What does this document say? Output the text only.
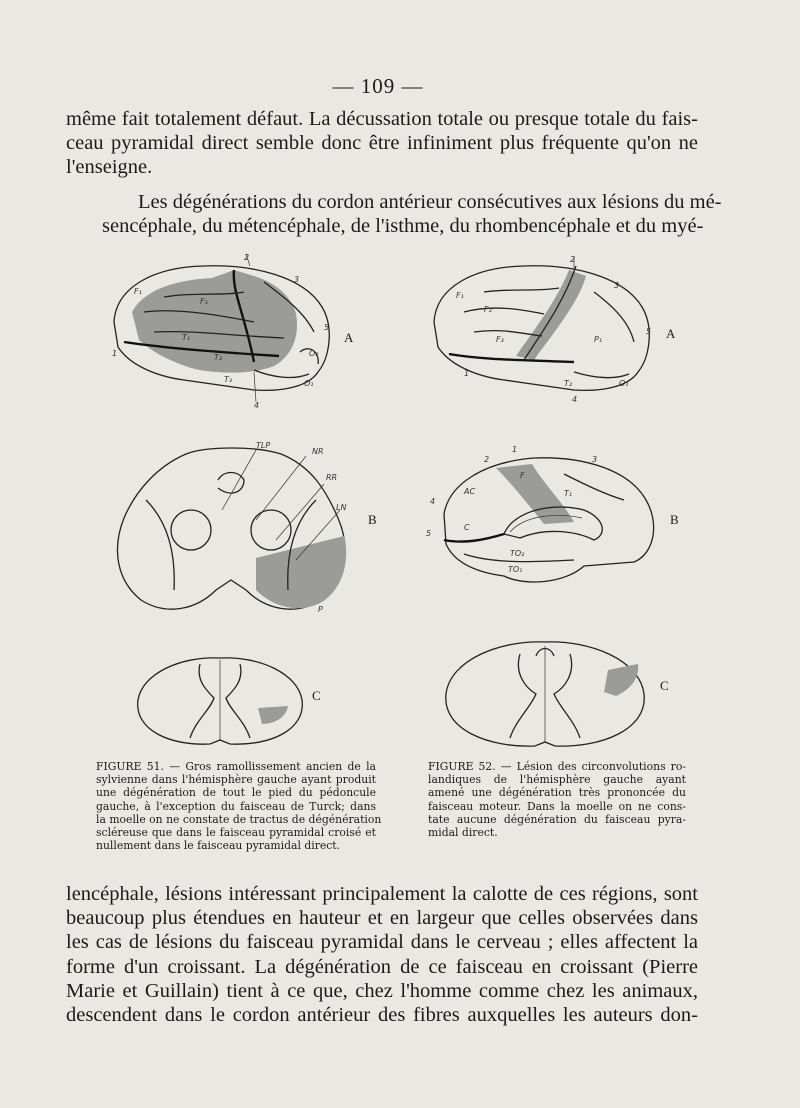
— 109 —

même fait totalement défaut. La décussation totale ou presque totale du fais-
ceau pyramidal direct semble donc être infiniment plus fréquente qu'on ne
l'enseigne.

Les dégénérations du cordon antérieur consécutives aux lésions du mé-
sencéphale, du métencéphale, de l'isthme, du rhombencéphale et du myé-

2
3
5
1
4
F₁
F₃
T₁
T₂
T₃	O₁
O₂
A
2
3
5
1
4
F₁
F₂
F₃	P₁
T₂	O₁
A
TLP
NR
RR
LN
P
B
1
2	3
4
5
AC
F
T₁
C
TO₂
TO₁
B
C
C
FIGURE 51. — Gros ramollissement ancien de la
sylvienne dans l'hémisphère gauche ayant produit
une dégénération de tout le pied du pédoncule
gauche, à l'exception du faisceau de Turck; dans
la moelle on ne constate de tractus de dégénération
scléreuse que dans le faisceau pyramidal croisé et
nullement dans le faisceau pyramidal direct.
FIGURE 52. — Lésion des circonvolutions ro-
landiques de l'hémisphère gauche ayant
amené une dégénération très prononcée du
faisceau moteur. Dans la moelle on ne cons-
tate aucune dégénération du faisceau pyra-
midal direct.
lencéphale, lésions intéressant principalement la calotte de ces régions, sont
beaucoup plus étendues en hauteur et en largeur que celles observées dans
les cas de lésions du faisceau pyramidal dans le cerveau ; elles affectent la
forme d'un croissant. La dégénération de ce faisceau en croissant (Pierre
Marie et Guillain) tient à ce que, chez l'homme comme chez les animaux,
descendent dans le cordon antérieur des fibres auxquelles les auteurs don-
